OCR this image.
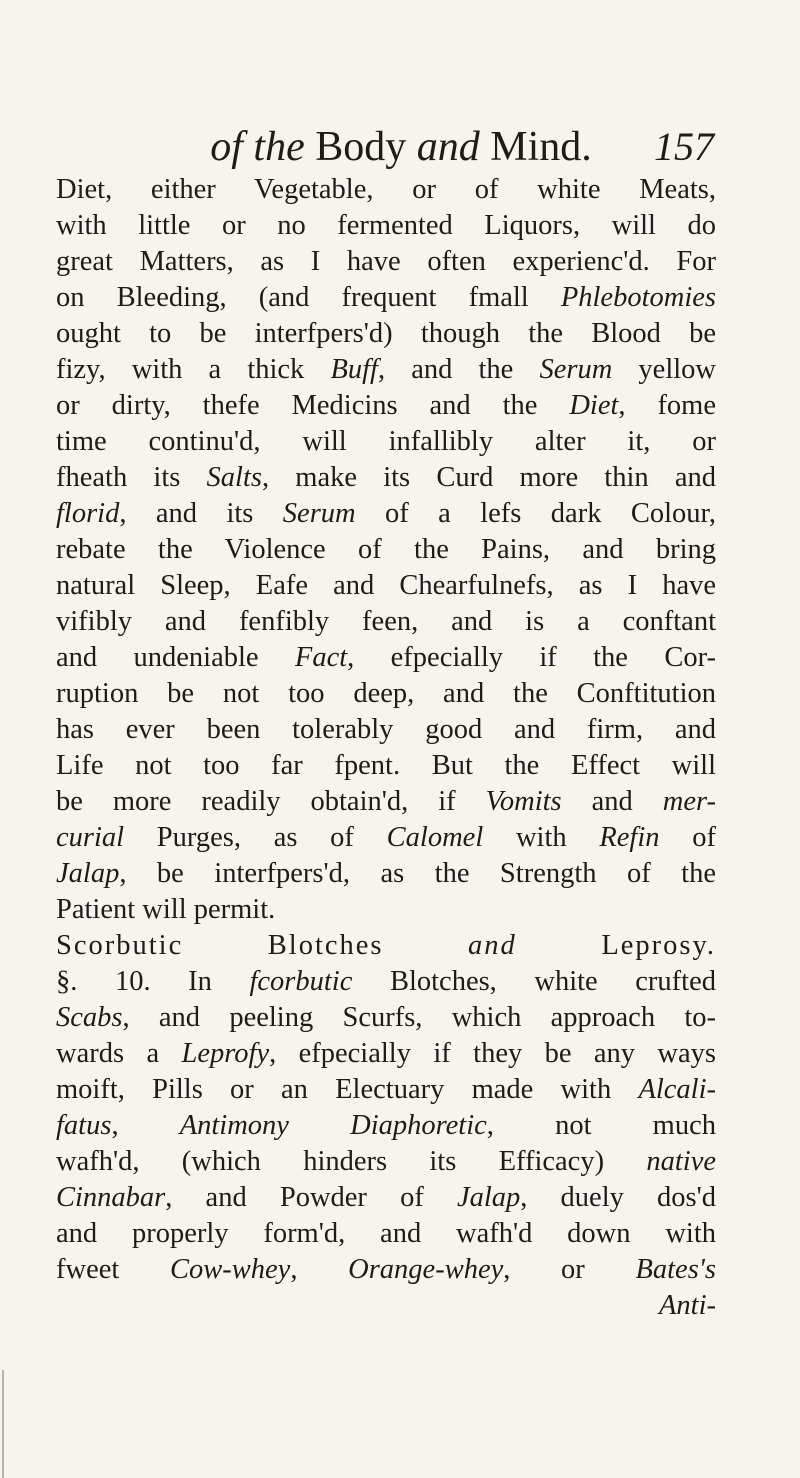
of the Body and Mind.	157
Diet, either Vegetable, or of white Meats,
with little or no fermented Liquors, will do
great Matters, as I have often experienc'd. For
on Bleeding, (and frequent fmall Phlebotomies
ought to be interfpers'd) though the Blood be
fizy, with a thick Buff, and the Serum yellow
or dirty, thefe Medicins and the Diet, fome
time continu'd, will infallibly alter it, or
fheath its Salts, make its Curd more thin and
florid, and its Serum of a lefs dark Colour,
rebate the Violence of the Pains, and bring
natural Sleep, Eafe and Chearfulnefs, as I have
vifibly and fenfibly feen, and is a conftant
and undeniable Fact, efpecially if the Cor-
ruption be not too deep, and the Conftitution
has ever been tolerably good and firm, and
Life not too far fpent. But the Effect will
be more readily obtain'd, if Vomits and mer-
curial Purges, as of Calomel with Refin of
Jalap, be interfpers'd, as the Strength of the
Patient will permit.
Scorbutic Blotches and Leprosy.
§. 10. In fcorbutic Blotches, white crufted
Scabs, and peeling Scurfs, which approach to-
wards a Leprofy, efpecially if they be any ways
moift, Pills or an Electuary made with Alcali-
fatus, Antimony Diaphoretic, not much
wafh'd, (which hinders its Efficacy) native
Cinnabar, and Powder of Jalap, duely dos'd
and properly form'd, and wafh'd down with
fweet Cow-whey, Orange-whey, or Bates's
Anti-
